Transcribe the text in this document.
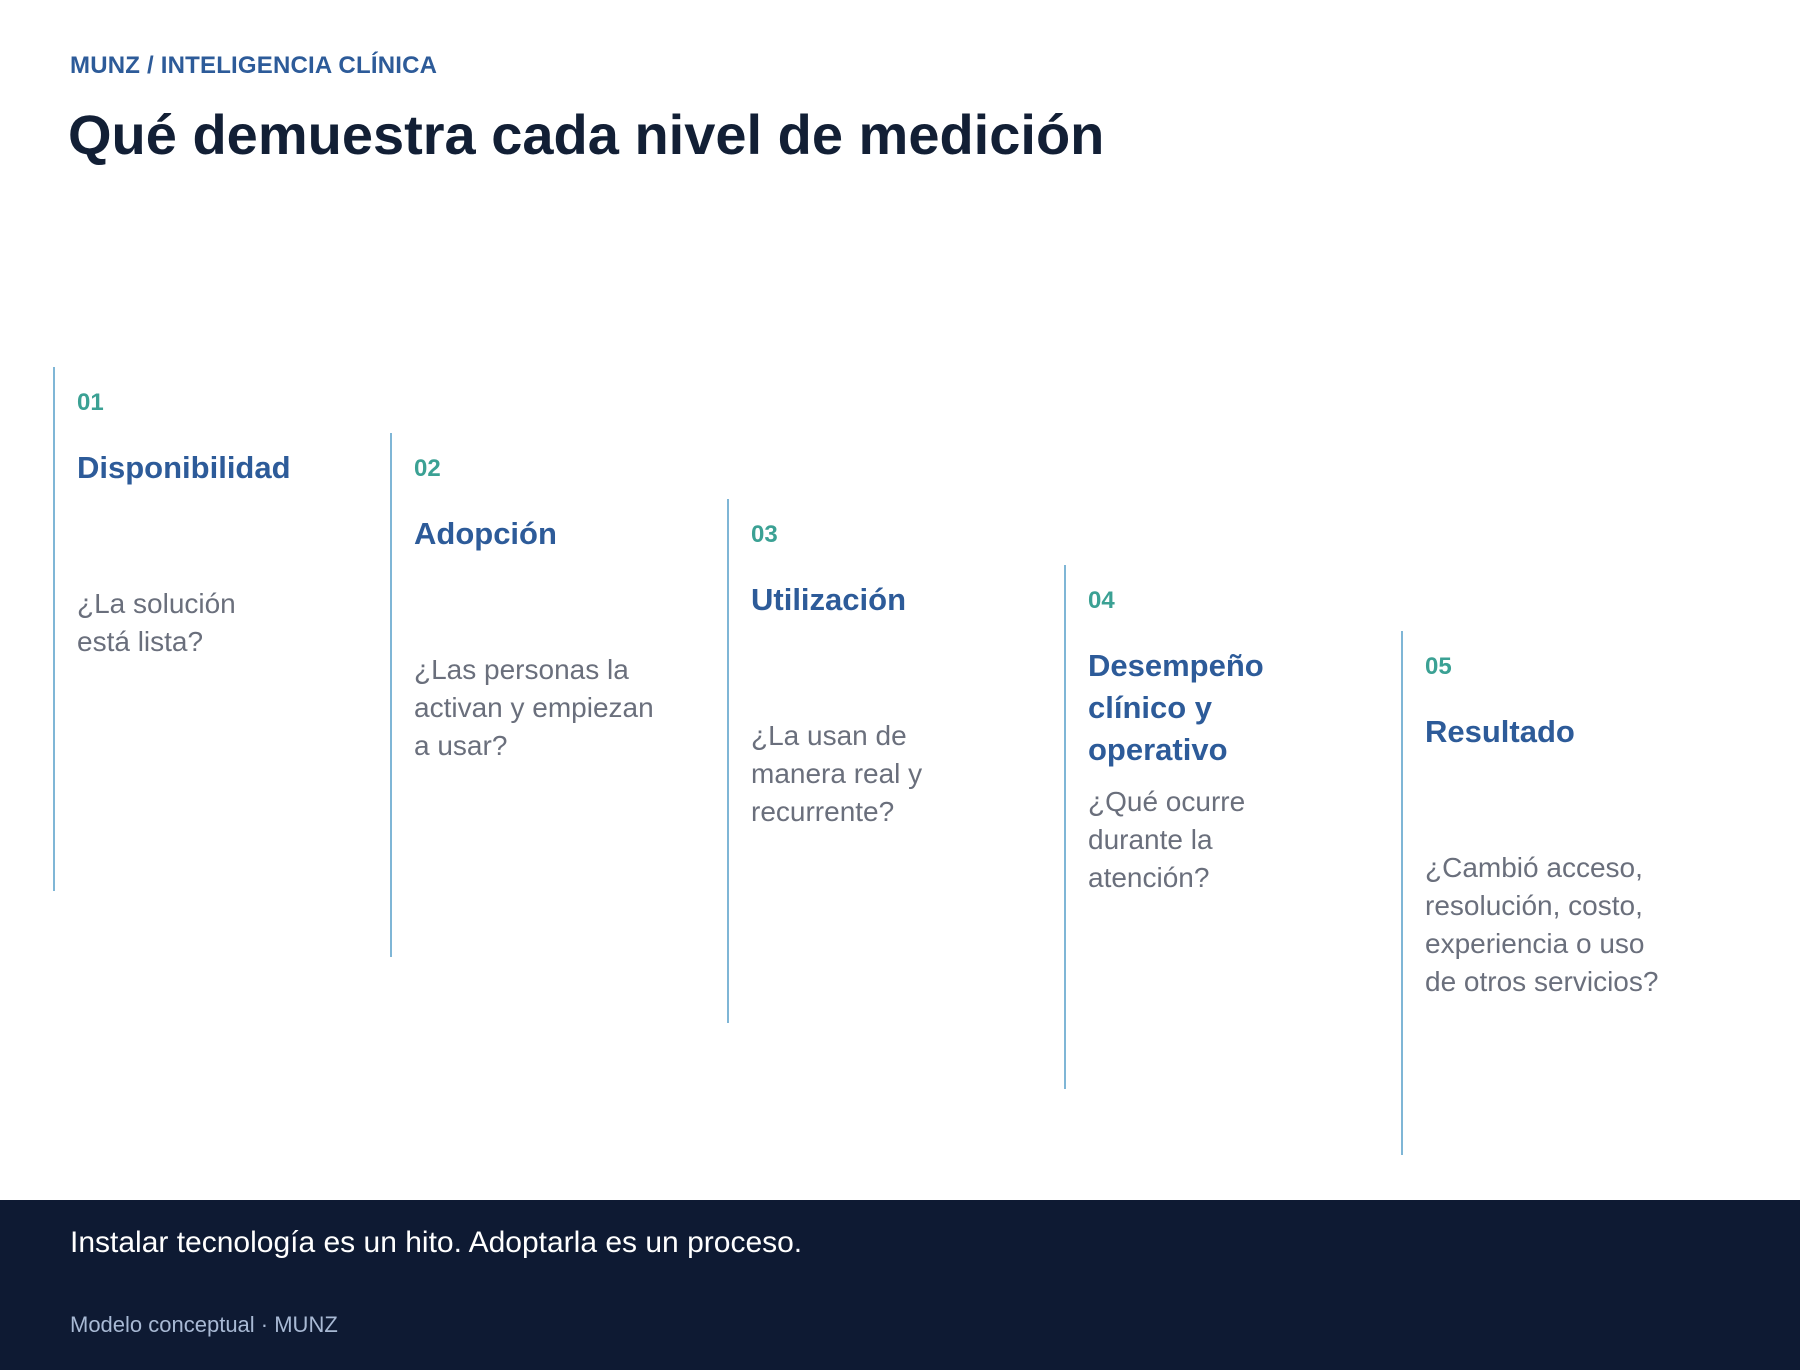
MUNZ / INTELIGENCIA CLÍNICA
Qué demuestra cada nivel de medición
01
Disponibilidad
¿La solución está lista?
02
Adopción
¿Las personas la activan y empiezan a usar?
03
Utilización
¿La usan de manera real y recurrente?
04
Desempeño clínico y operativo
¿Qué ocurre durante la atención?
05
Resultado
¿Cambió acceso, resolución, costo, experiencia o uso de otros servicios?
Instalar tecnología es un hito. Adoptarla es un proceso.
Modelo conceptual · MUNZ
